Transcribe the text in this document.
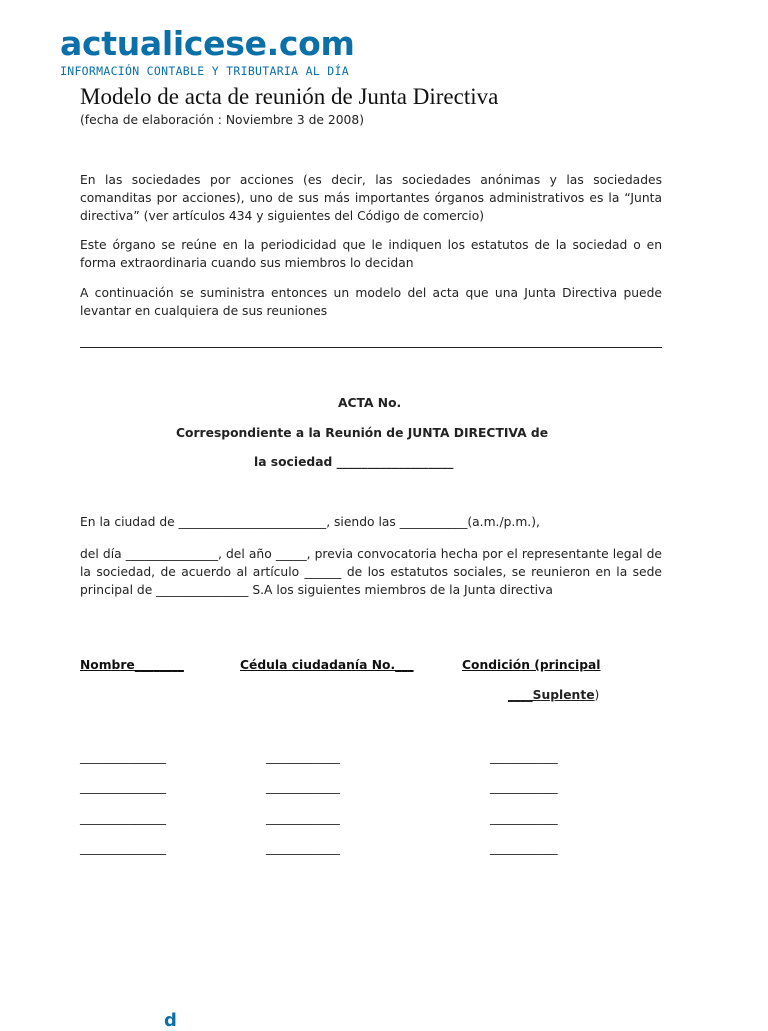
actualicese.com
INFORMACIÓN CONTABLE Y TRIBUTARIA AL DÍA
Modelo de acta de reunión de Junta Directiva
(fecha de elaboración : Noviembre 3 de 2008)
En las sociedades por acciones (es decir, las sociedades anónimas y las sociedades comanditas por acciones), uno de sus más importantes órganos administrativos es la “Junta directiva” (ver artículos 434 y siguientes del Código de comercio)
Este órgano se reúne en la periodicidad que le indiquen los estatutos de la sociedad o en forma extraordinaria cuando sus miembros lo decidan
A continuación se suministra entonces un modelo del acta que una Junta Directiva puede levantar en cualquiera de sus reuniones
ACTA No.
Correspondiente a la Reunión de JUNTA DIRECTIVA de
la sociedad ___________________
En la ciudad de ________________________, siendo las ___________(a.m./p.m.),
del día _______________, del año _____, previa convocatoria hecha por el representante legal de la sociedad, de acuerdo al artículo ______ de los estatutos sociales, se reunieron en la sede principal de _______________ S.A los siguientes miembros de la Junta directiva
Nombre________	Cédula ciudadanía No.___	Condición (principal
____Suplente)
______________	____________	___________
______________	____________	___________
______________	____________	___________
______________	____________	___________
d
